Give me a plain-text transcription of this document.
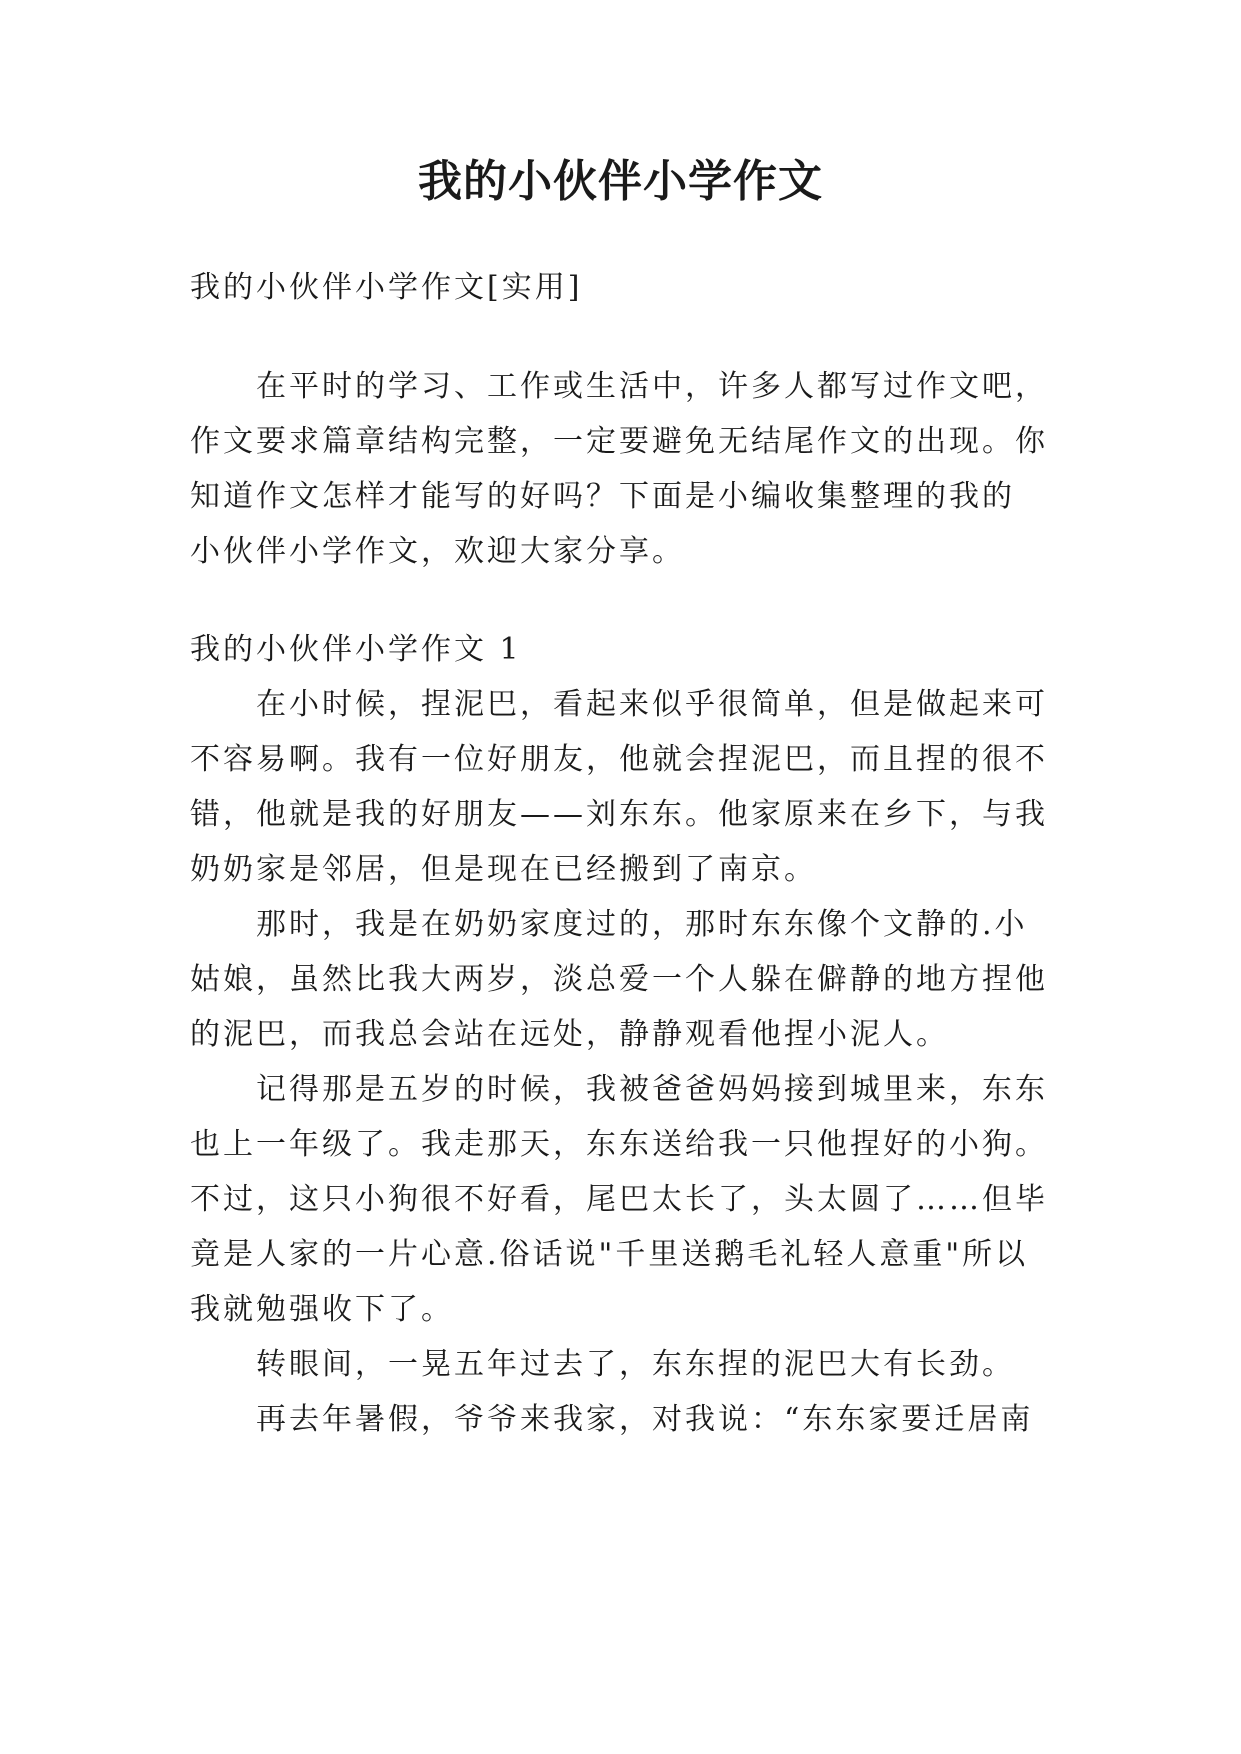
我的小伙伴小学作文

我的小伙伴小学作文[实用]

在平时的学习、工作或生活中，许多人都写过作文吧，

作文要求篇章结构完整，一定要避免无结尾作文的出现。你

知道作文怎样才能写的好吗？下面是小编收集整理的我的

小伙伴小学作文，欢迎大家分享。

我的小伙伴小学作文 1

在小时候，捏泥巴，看起来似乎很简单，但是做起来可

不容易啊。我有一位好朋友，他就会捏泥巴，而且捏的很不

错，他就是我的好朋友——刘东东。他家原来在乡下，与我

奶奶家是邻居，但是现在已经搬到了南京。

那时，我是在奶奶家度过的，那时东东像个文静的.小

姑娘，虽然比我大两岁，淡总爱一个人躲在僻静的地方捏他

的泥巴，而我总会站在远处，静静观看他捏小泥人。

记得那是五岁的时候，我被爸爸妈妈接到城里来，东东

也上一年级了。我走那天，东东送给我一只他捏好的小狗。

不过，这只小狗很不好看，尾巴太长了，头太圆了……但毕

竟是人家的一片心意.俗话说"千里送鹅毛礼轻人意重"所以

我就勉强收下了。

转眼间，一晃五年过去了，东东捏的泥巴大有长劲。

再去年暑假，爷爷来我家，对我说：“东东家要迁居南
